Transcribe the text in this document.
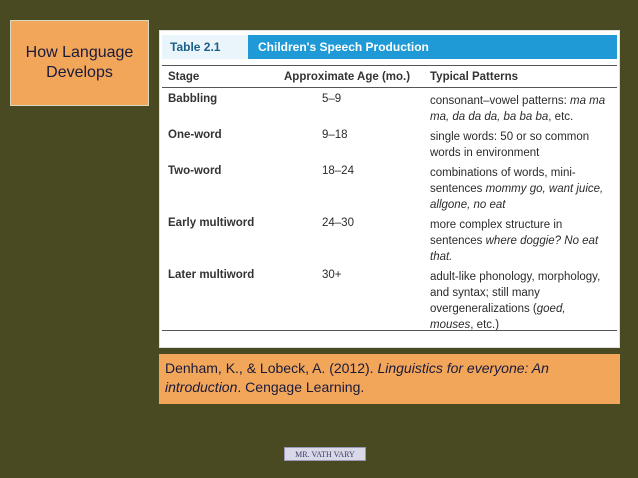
How Language
Develops
Table 2.1	Children's Speech Production
Stage	Approximate Age (mo.)	Typical Patterns
Babbling	5–9	consonant–vowel patterns: ma ma ma, da da da, ba ba ba, etc.
One-word	9–18	single words: 50 or so common words in environment
Two-word	18–24	combinations of words, mini-sentences mommy go, want juice, allgone, no eat
Early multiword	24–30	more complex structure in sentences where doggie? No eat that.
Later multiword	30+	adult-like phonology, morphology, and syntax; still many overgeneralizations (goed, mouses, etc.)
Denham, K., & Lobeck, A. (2012). Linguistics for everyone: An introduction. Cengage Learning.
MR. VATH VARY
